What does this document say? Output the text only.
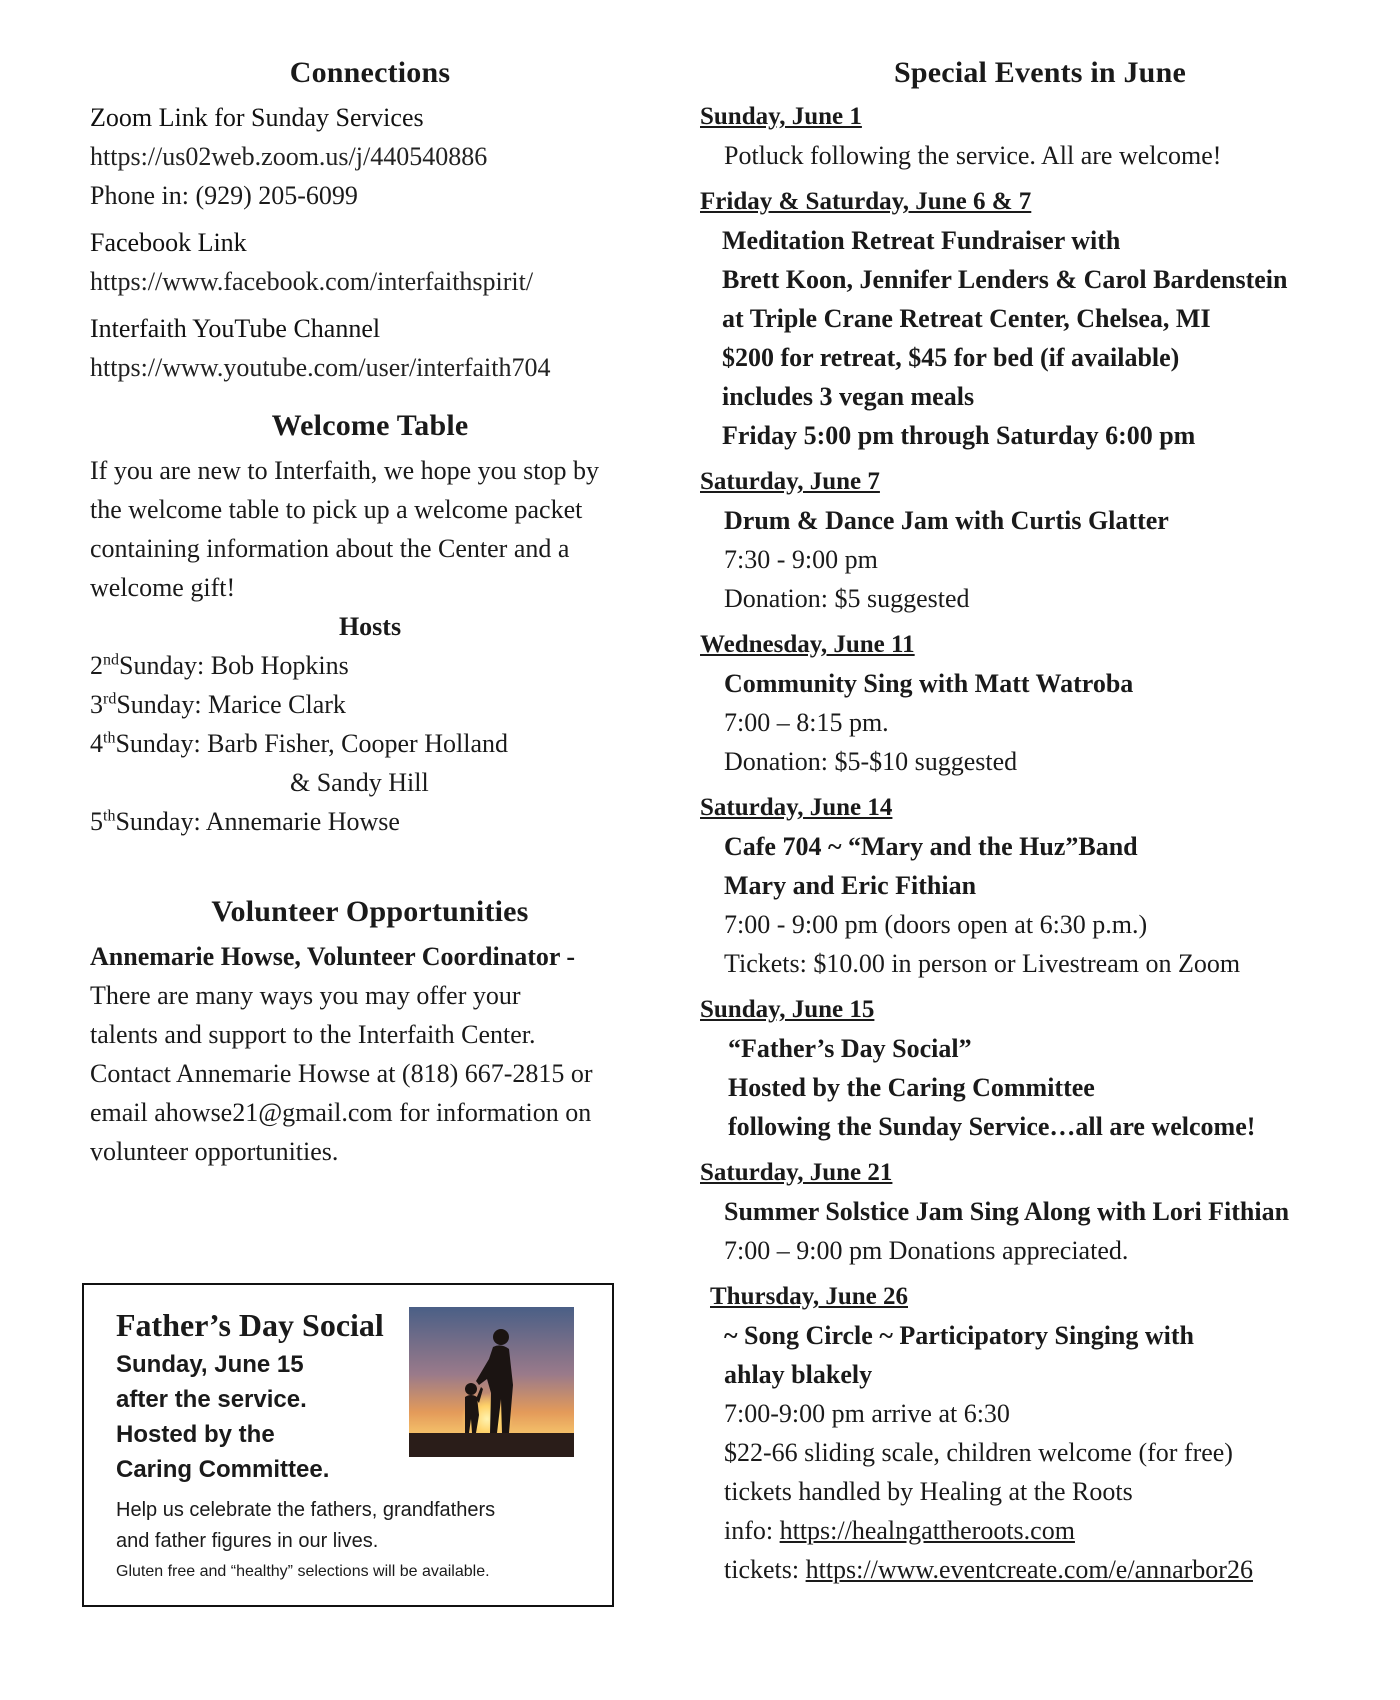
Connections

Zoom Link for Sunday Services

https://us02web.zoom.us/j/440540886

Phone in: (929) 205-6099

Facebook Link

https://www.facebook.com/interfaithspirit/

Interfaith YouTube Channel

https://www.youtube.com/user/interfaith704

Welcome Table

If you are new to Interfaith, we hope you stop by

the welcome table to pick up a welcome packet

containing information about the Center and a

welcome gift!

Hosts

2ndSunday: Bob Hopkins

3rdSunday: Marice Clark

4thSunday: Barb Fisher, Cooper Holland

& Sandy Hill

5thSunday: Annemarie Howse

Volunteer Opportunities

Annemarie Howse, Volunteer Coordinator -

There are many ways you may offer your

talents and support to the Interfaith Center.

Contact Annemarie Howse at (818) 667-2815 or

email ahowse21@gmail.com for information on

volunteer opportunities.

Father’s Day Social
Sunday, June 15
after the service.
Hosted by the
Caring Committee.
Help us celebrate the fathers, grandfathers
and father figures in our lives.
Gluten free and “healthy” selections will be available.
Special Events in June

Sunday, June 1

Potluck following the service. All are welcome!

Friday & Saturday, June 6 & 7

Meditation Retreat Fundraiser with

Brett Koon, Jennifer Lenders & Carol Bardenstein

at Triple Crane Retreat Center, Chelsea, MI

$200 for retreat, $45 for bed (if available)

includes 3 vegan meals

Friday 5:00 pm through Saturday 6:00 pm

Saturday, June 7

Drum & Dance Jam with Curtis Glatter

7:30 - 9:00 pm

Donation: $5 suggested

Wednesday, June 11

Community Sing with Matt Watroba

7:00 – 8:15 pm.

Donation: $5-$10 suggested

Saturday, June 14

Cafe 704 ~ “Mary and the Huz”Band

Mary and Eric Fithian

7:00 - 9:00 pm (doors open at 6:30 p.m.)

Tickets: $10.00 in person or Livestream on Zoom

Sunday, June 15

“Father’s Day Social”

Hosted by the Caring Committee

following the Sunday Service…all are welcome!

Saturday, June 21

Summer Solstice Jam Sing Along with Lori Fithian

7:00 – 9:00 pm Donations appreciated.

Thursday, June 26

~ Song Circle ~ Participatory Singing with

ahlay blakely

7:00-9:00 pm arrive at 6:30

$22-66 sliding scale, children welcome (for free)

tickets handled by Healing at the Roots

info: https://healngattheroots.com

tickets: https://www.eventcreate.com/e/annarbor26
